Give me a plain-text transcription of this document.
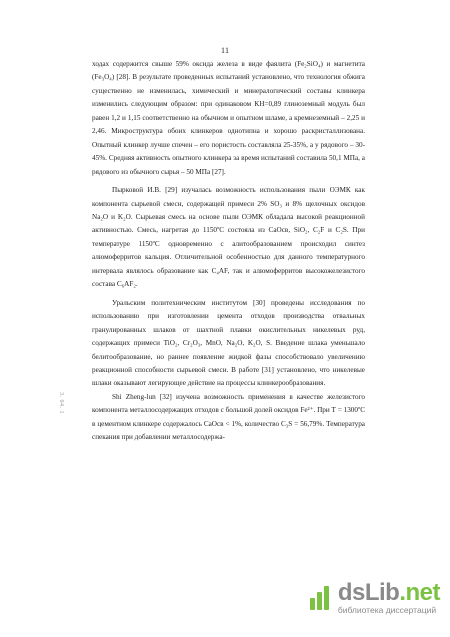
11

ходах содержится свыше 59% оксида железа в виде фаялита (Fe₂SiO₄) и магнетита (Fe₃O₄) [28]. В результате проведенных испытаний установлено, что технология обжига существенно не изменилась, химический и минералогический составы клинкера изменились следующим образом: при одинаковом КН=0,89 глиноземный модуль был равен 1,2 и 1,15 соответственно на обычном и опытном шламе, а кремнеземный – 2,25 и 2,46. Микроструктура обоих клинкеров однотипна и хорошо раскристаллизована. Опытный клинкер лучше спечен – его пористость составляла 25-35%, а у рядового – 30-45%. Средняя активность опытного клинкера за время испытаний составила 50,1 МПа, а рядового из обычного сырья – 50 МПа [27].

Пырковой И.В. [29] изучалась возможность использования пыли ОЭМК как компонента сырьевой смеси, содержащей примеси 2% SO₃ и 8% щелочных оксидов Na₂O и K₂O. Сырьевая смесь на основе пыли ОЭМК обладала высокой реакционной активностью. Смесь, нагретая до 1150ºС состояла из CaOсв, SiO₂, C₂F и C₂S. При температуре 1150ºС одновременно с алитообразованием происходил синтез алюмоферритов кальция. Отличительной особенностью для данного температурного интервала являлось образование как C₄AF, так и алюмоферритов высокожелезистого состава C₆AF₂.

Уральским политехническим институтом [30] проведены исследования по использованию при изготовлении цемента отходов производства отвальных гранулированных шлаков от шахтной плавки окислительных никелевых руд, содержащих примеси TiO₂, Cr₂O₃, MnO, Na₂O, K₂O, S. Введение шлака уменьшало белитообразование, но раннее появление жидкой фазы способствовало увеличению реакционной способности сырьевой смеси. В работе [31] установлено, что никелевые шлаки оказывают легирующее действие на процессы клинкерообразования.

Shi Zheng-lun [32] изучена возможность применения в качестве железистого компонента металлосодержащих отходов с большой долей оксидов Fe²⁺. При Т = 1300ºС в цементном клинкере содержалось CaOсв < 1%, количество C₃S = 56,79%. Температура спекания при добавлении металлосодержа-

3. 04. 1
dsLib.net
библиотека диссертаций
